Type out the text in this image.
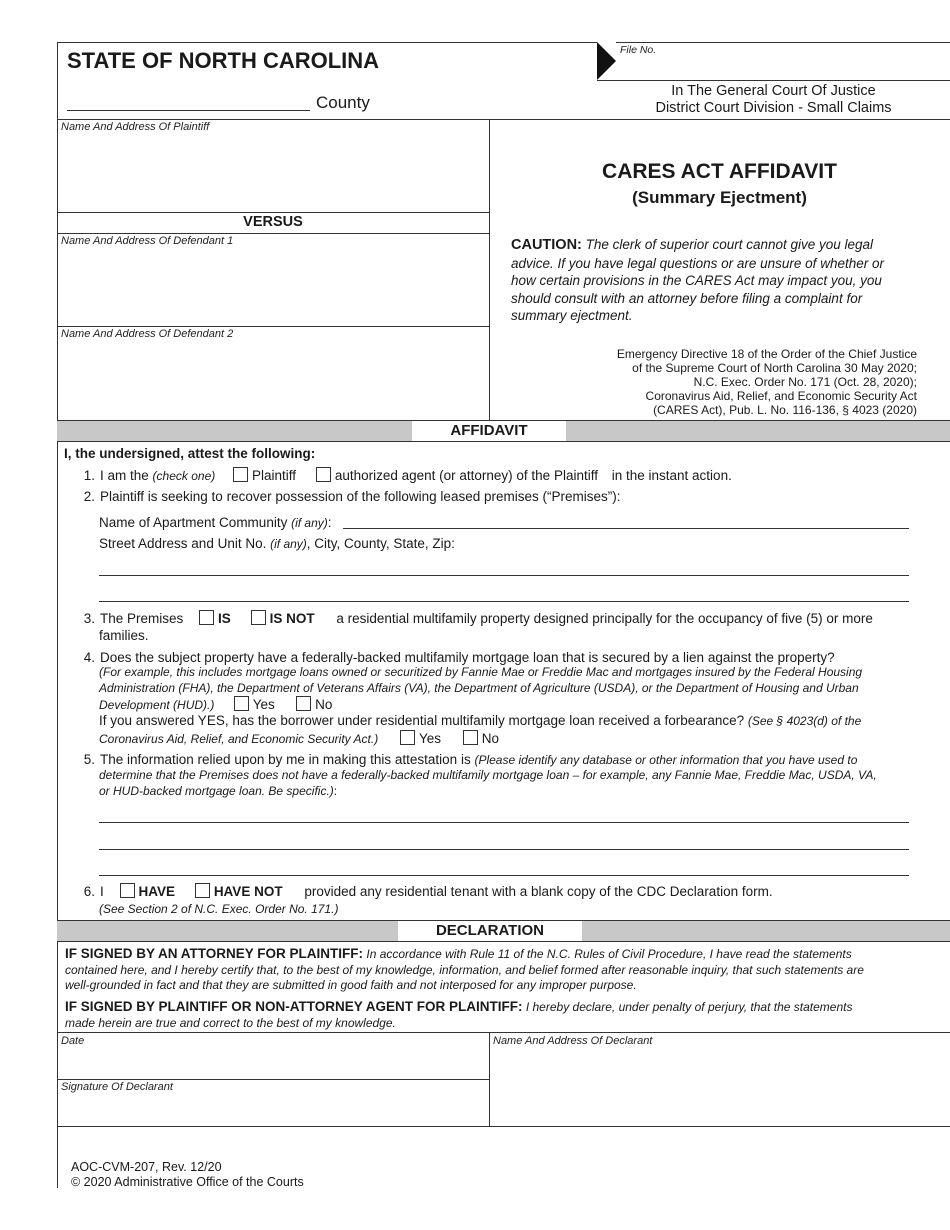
STATE OF NORTH CAROLINA
County
File No.
In The General Court Of Justice
District Court Division - Small Claims
Name And Address Of Plaintiff
VERSUS
Name And Address Of Defendant 1
Name And Address Of Defendant 2
CARES ACT AFFIDAVIT
(Summary Ejectment)
CAUTION: The clerk of superior court cannot give you legal advice. If you have legal questions or are unsure of whether or how certain provisions in the CARES Act may impact you, you should consult with an attorney before filing a complaint for summary ejectment.
Emergency Directive 18 of the Order of the Chief Justice
of the Supreme Court of North Carolina 30 May 2020;
N.C. Exec. Order No. 171 (Oct. 28, 2020);
Coronavirus Aid, Relief, and Economic Security Act
(CARES Act), Pub. L. No. 116-136, § 4023 (2020)
AFFIDAVIT
I, the undersigned, attest the following:
1. I am the (check one)	Plaintiff	authorized agent (or attorney) of the Plaintiff in the instant action.
2. Plaintiff is seeking to recover possession of the following leased premises (“Premises”):
Name of Apartment Community (if any):
Street Address and Unit No. (if any), City, County, State, Zip:
3. The Premises	IS	IS NOT a residential multifamily property designed principally for the occupancy of five (5) or more
families.
4. Does the subject property have a federally-backed multifamily mortgage loan that is secured by a lien against the property?
(For example, this includes mortgage loans owned or securitized by Fannie Mae or Freddie Mac and mortgages insured by the Federal Housing
Administration (FHA), the Department of Veterans Affairs (VA), the Department of Agriculture (USDA), or the Department of Housing and Urban
Development (HUD).)	Yes	No
If you answered YES, has the borrower under residential multifamily mortgage loan received a forbearance? (See § 4023(d) of the
Coronavirus Aid, Relief, and Economic Security Act.)	Yes	No
5. The information relied upon by me in making this attestation is (Please identify any database or other information that you have used to
determine that the Premises does not have a federally-backed multifamily mortgage loan – for example, any Fannie Mae, Freddie Mac, USDA, VA,
or HUD-backed mortgage loan. Be specific.):
6. I	HAVE	HAVE NOT provided any residential tenant with a blank copy of the CDC Declaration form.
(See Section 2 of N.C. Exec. Order No. 171.)
DECLARATION
IF SIGNED BY AN ATTORNEY FOR PLAINTIFF: In accordance with Rule 11 of the N.C. Rules of Civil Procedure, I have read the statements
contained here, and I hereby certify that, to the best of my knowledge, information, and belief formed after reasonable inquiry, that such statements are
well-grounded in fact and that they are submitted in good faith and not interposed for any improper purpose.
IF SIGNED BY PLAINTIFF OR NON-ATTORNEY AGENT FOR PLAINTIFF: I hereby declare, under penalty of perjury, that the statements
made herein are true and correct to the best of my knowledge.
Date
Signature Of Declarant
Name And Address Of Declarant
AOC-CVM-207, Rev. 12/20
© 2020 Administrative Office of the Courts
